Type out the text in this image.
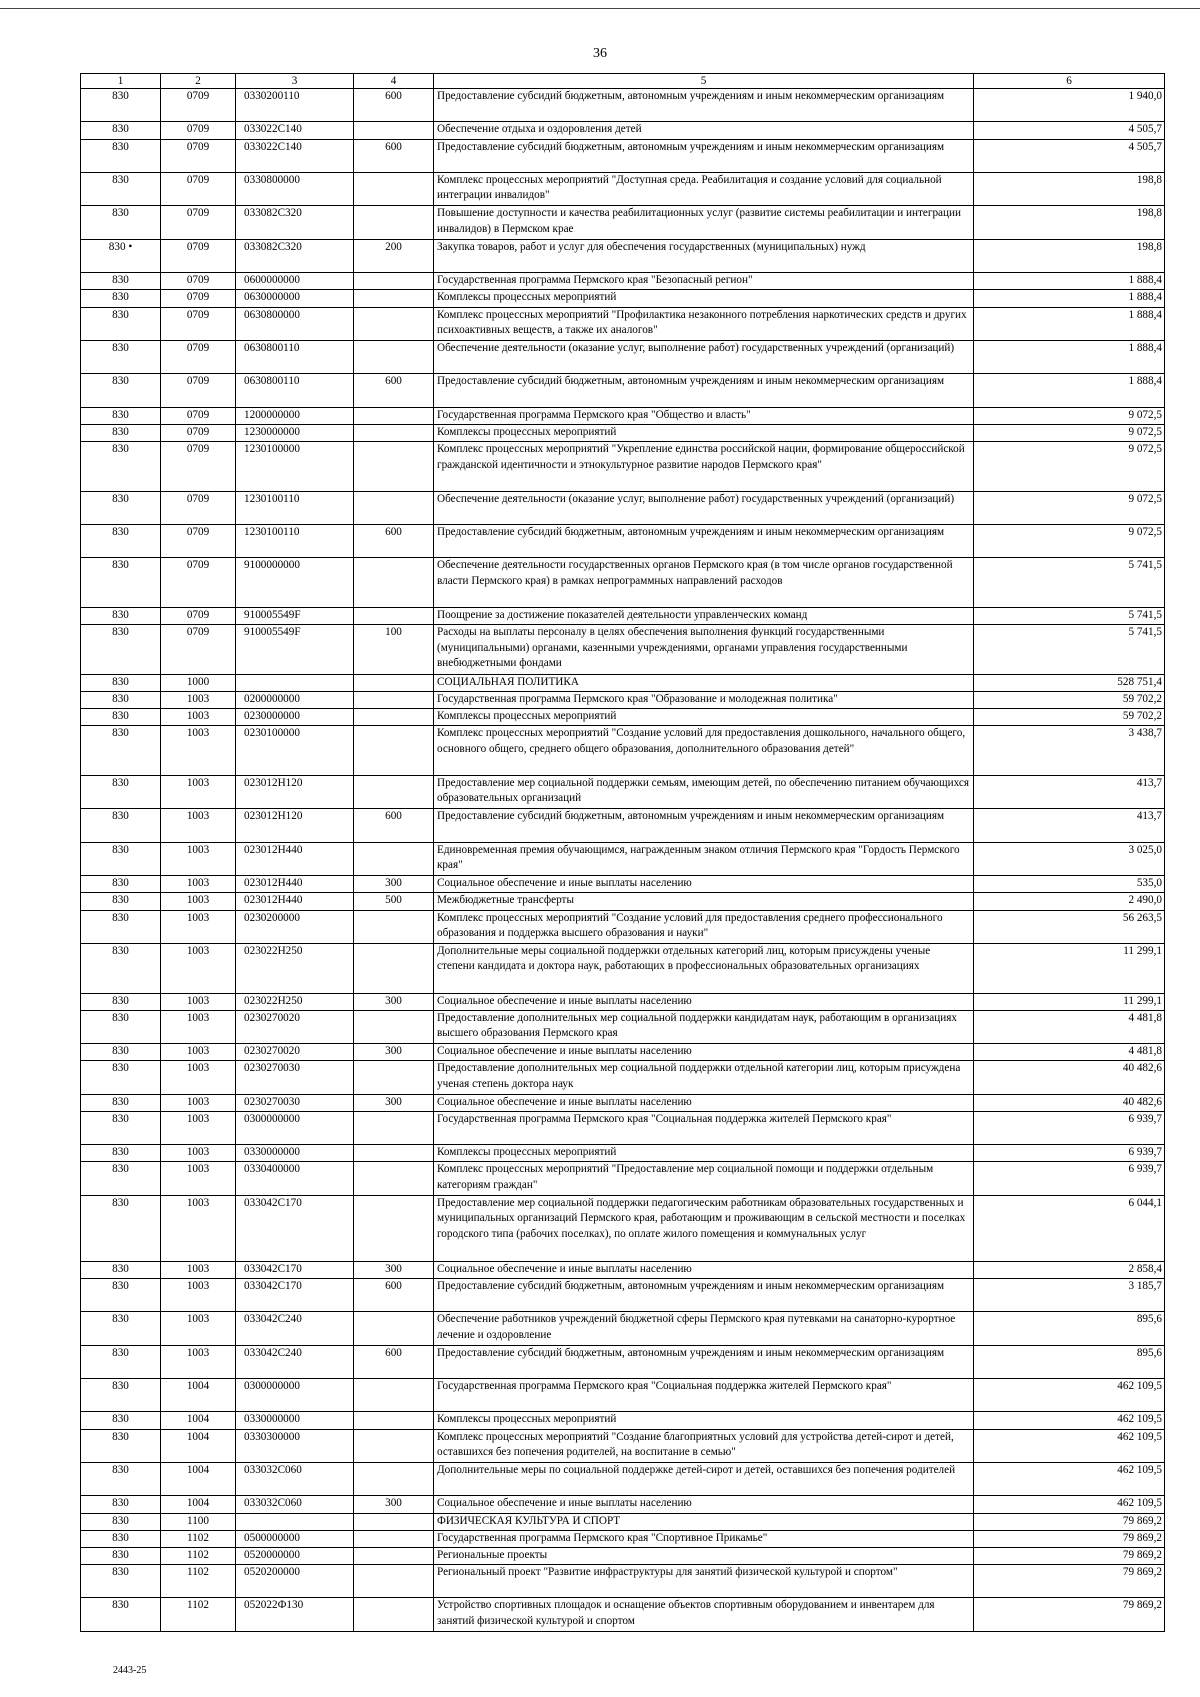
36
1	2	3	4	5	6
830	0709	0330200110	600	Предоставление субсидий бюджетным, автономным учреждениям и иным некоммерческим организациям	1 940,0
830	0709	033022С140		Обеспечение отдыха и оздоровления детей	4 505,7
830	0709	033022С140	600	Предоставление субсидий бюджетным, автономным учреждениям и иным некоммерческим организациям	4 505,7
830	0709	0330800000		Комплекс процессных мероприятий "Доступная среда. Реабилитация и создание условий для социальной интеграции инвалидов"	198,8
830	0709	033082С320		Повышение доступности и качества реабилитационных услуг (развитие системы реабилитации и интеграции инвалидов) в Пермском крае	198,8
830 •	0709	033082С320	200	Закупка товаров, работ и услуг для обеспечения государственных (муниципальных) нужд	198,8
830	0709	0600000000		Государственная программа Пермского края "Безопасный регион"	1 888,4
830	0709	0630000000		Комплексы процессных мероприятий	1 888,4
830	0709	0630800000		Комплекс процессных мероприятий "Профилактика незаконного потребления наркотических средств и других психоактивных веществ, а также их аналогов"	1 888,4
830	0709	0630800110		Обеспечение деятельности (оказание услуг, выполнение работ) государственных учреждений (организаций)	1 888,4
830	0709	0630800110	600	Предоставление субсидий бюджетным, автономным учреждениям и иным некоммерческим организациям	1 888,4
830	0709	1200000000		Государственная программа Пермского края "Общество и власть"	9 072,5
830	0709	1230000000		Комплексы процессных мероприятий	9 072,5
830	0709	1230100000		Комплекс процессных мероприятий "Укрепление единства российской нации, формирование общероссийской гражданской идентичности и этнокультурное развитие народов Пермского края"	9 072,5
830	0709	1230100110		Обеспечение деятельности (оказание услуг, выполнение работ) государственных учреждений (организаций)	9 072,5
830	0709	1230100110	600	Предоставление субсидий бюджетным, автономным учреждениям и иным некоммерческим организациям	9 072,5
830	0709	9100000000		Обеспечение деятельности государственных органов Пермского края (в том числе органов государственной власти Пермского края) в рамках непрограммных направлений расходов	5 741,5
830	0709	910005549F		Поощрение за достижение показателей деятельности управленческих команд	5 741,5
830	0709	910005549F	100	Расходы на выплаты персоналу в целях обеспечения выполнения функций государственными (муниципальными) органами, казенными учреждениями, органами управления государственными внебюджетными фондами	5 741,5
830	1000			СОЦИАЛЬНАЯ ПОЛИТИКА	528 751,4
830	1003	0200000000		Государственная программа Пермского края "Образование и молодежная политика"	59 702,2
830	1003	0230000000		Комплексы процессных мероприятий	59 702,2
830	1003	0230100000		Комплекс процессных мероприятий "Создание условий для предоставления дошкольного, начального общего, основного общего, среднего общего образования, дополнительного образования детей"	3 438,7
830	1003	023012Н120		Предоставление мер социальной поддержки семьям, имеющим детей, по обеспечению питанием обучающихся образовательных организаций	413,7
830	1003	023012Н120	600	Предоставление субсидий бюджетным, автономным учреждениям и иным некоммерческим организациям	413,7
830	1003	023012Н440		Единовременная премия обучающимся, награжденным знаком отличия Пермского края "Гордость Пермского края"	3 025,0
830	1003	023012Н440	300	Социальное обеспечение и иные выплаты населению	535,0
830	1003	023012Н440	500	Межбюджетные трансферты	2 490,0
830	1003	0230200000		Комплекс процессных мероприятий "Создание условий для предоставления среднего профессионального образования и поддержка высшего образования и науки"	56 263,5
830	1003	023022Н250		Дополнительные меры социальной поддержки отдельных категорий лиц, которым присуждены ученые степени кандидата и доктора наук, работающих в профессиональных образовательных организациях	11 299,1
830	1003	023022Н250	300	Социальное обеспечение и иные выплаты населению	11 299,1
830	1003	0230270020		Предоставление дополнительных мер социальной поддержки кандидатам наук, работающим в организациях высшего образования Пермского края	4 481,8
830	1003	0230270020	300	Социальное обеспечение и иные выплаты населению	4 481,8
830	1003	0230270030		Предоставление дополнительных мер социальной поддержки отдельной категории лиц, которым присуждена ученая степень доктора наук	40 482,6
830	1003	0230270030	300	Социальное обеспечение и иные выплаты населению	40 482,6
830	1003	0300000000		Государственная программа Пермского края "Социальная поддержка жителей Пермского края"	6 939,7
830	1003	0330000000		Комплексы процессных мероприятий	6 939,7
830	1003	0330400000		Комплекс процессных мероприятий "Предоставление мер социальной помощи и поддержки отдельным категориям граждан"	6 939,7
830	1003	033042С170		Предоставление мер социальной поддержки педагогическим работникам образовательных государственных и муниципальных организаций Пермского края, работающим и проживающим в сельской местности и поселках городского типа (рабочих поселках), по оплате жилого помещения и коммунальных услуг	6 044,1
830	1003	033042С170	300	Социальное обеспечение и иные выплаты населению	2 858,4
830	1003	033042С170	600	Предоставление субсидий бюджетным, автономным учреждениям и иным некоммерческим организациям	3 185,7
830	1003	033042С240		Обеспечение работников учреждений бюджетной сферы Пермского края путевками на санаторно-курортное лечение и оздоровление	895,6
830	1003	033042С240	600	Предоставление субсидий бюджетным, автономным учреждениям и иным некоммерческим организациям	895,6
830	1004	0300000000		Государственная программа Пермского края "Социальная поддержка жителей Пермского края"	462 109,5
830	1004	0330000000		Комплексы процессных мероприятий	462 109,5
830	1004	0330300000		Комплекс процессных мероприятий "Создание благоприятных условий для устройства детей-сирот и детей, оставшихся без попечения родителей, на воспитание в семью"	462 109,5
830	1004	033032С060		Дополнительные меры по социальной поддержке детей-сирот и детей, оставшихся без попечения родителей	462 109,5
830	1004	033032С060	300	Социальное обеспечение и иные выплаты населению	462 109,5
830	1100			ФИЗИЧЕСКАЯ КУЛЬТУРА И СПОРТ	79 869,2
830	1102	0500000000		Государственная программа Пермского края "Спортивное Прикамье"	79 869,2
830	1102	0520000000		Региональные проекты	79 869,2
830	1102	0520200000		Региональный проект "Развитие инфраструктуры для занятий физической культурой и спортом"	79 869,2
830	1102	052022Ф130		Устройство спортивных площадок и оснащение объектов спортивным оборудованием и инвентарем для занятий физической культурой и спортом	79 869,2
2443-25
